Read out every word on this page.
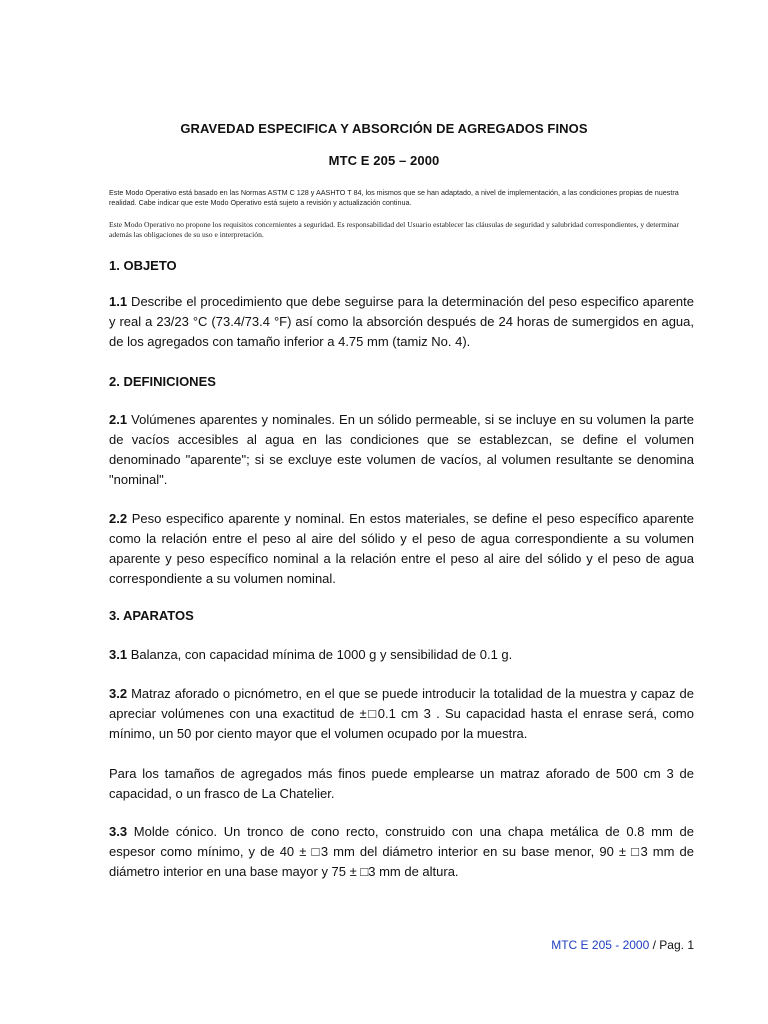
GRAVEDAD ESPECIFICA Y ABSORCIÓN DE AGREGADOS FINOS
MTC E 205 – 2000
Este Modo Operativo está basado en las Normas ASTM C 128 y AASHTO T 84, los mismos que se han adaptado, a nivel de implementación, a las condiciones propias de nuestra realidad. Cabe indicar que este Modo Operativo está sujeto a revisión y actualización continua.
Este Modo Operativo no propone los requisitos concernientes a seguridad. Es responsabilidad del Usuario establecer las cláusulas de seguridad y salubridad correspondientes, y determinar además las obligaciones de su uso e interpretación.
1. OBJETO
1.1 Describe el procedimiento que debe seguirse para la determinación del peso especifico aparente y real a 23/23 °C (73.4/73.4 °F) así como la absorción después de 24 horas de sumergidos en agua, de los agregados con tamaño inferior a 4.75 mm (tamiz No. 4).
2. DEFINICIONES
2.1 Volúmenes aparentes y nominales. En un sólido permeable, si se incluye en su volumen la parte de vacíos accesibles al agua en las condiciones que se establezcan, se define el volumen denominado "aparente"; si se excluye este volumen de vacíos, al volumen resultante se denomina "nominal".
2.2 Peso especifico aparente y nominal. En estos materiales, se define el peso específico aparente como la relación entre el peso al aire del sólido y el peso de agua correspondiente a su volumen aparente y peso específico nominal a la relación entre el peso al aire del sólido y el peso de agua correspondiente a su volumen nominal.
3. APARATOS
3.1 Balanza, con capacidad mínima de 1000 g y sensibilidad de 0.1 g.
3.2 Matraz aforado o picnómetro, en el que se puede introducir la totalidad de la muestra y capaz de apreciar volúmenes con una exactitud de ±□0.1 cm 3 . Su capacidad hasta el enrase será, como mínimo, un 50 por ciento mayor que el volumen ocupado por la muestra.
Para los tamaños de agregados más finos puede emplearse un matraz aforado de 500 cm 3 de capacidad, o un frasco de La Chatelier.
3.3 Molde cónico. Un tronco de cono recto, construido con una chapa metálica de 0.8 mm de espesor como mínimo, y de 40 ± □3 mm del diámetro interior en su base menor, 90 ± □3 mm de diámetro interior en una base mayor y 75 ± □3 mm de altura.
MTC E 205 - 2000 / Pag. 1
